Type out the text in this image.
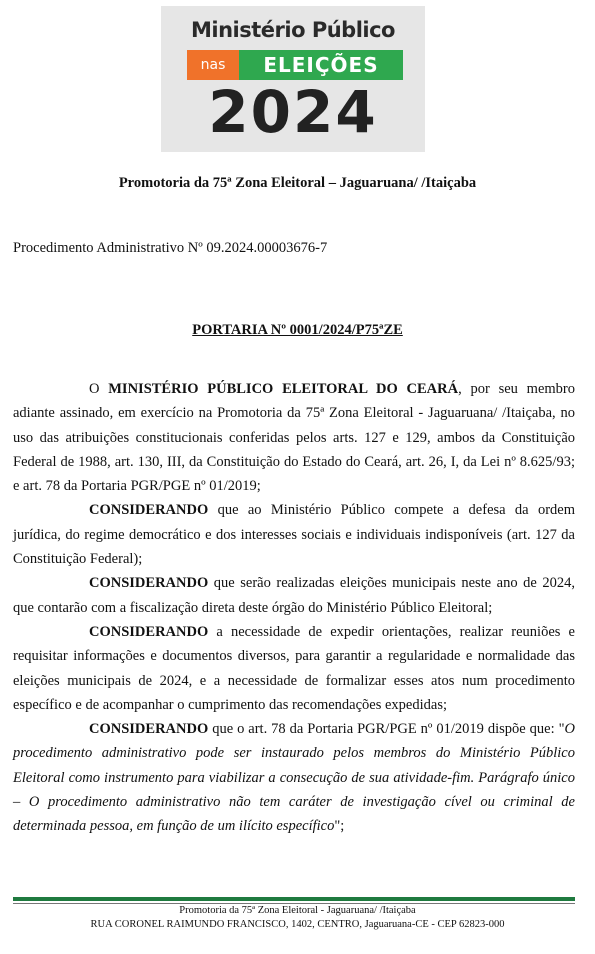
Ministério Público
nas	ELEIÇÕES
2024
Promotoria da 75ª Zona Eleitoral – Jaguaruana/ /Itaiçaba
Procedimento Administrativo Nº 09.2024.00003676-7
PORTARIA Nº 0001/2024/P75ªZE

O MINISTÉRIO PÚBLICO ELEITORAL DO CEARÁ, por seu membro adiante assinado, em exercício na Promotoria da 75ª Zona Eleitoral - Jaguaruana/ /Itaiçaba, no uso das atribuições constitucionais conferidas pelos arts. 127 e 129, ambos da Constituição Federal de 1988, art. 130, III, da Constituição do Estado do Ceará, art. 26, I, da Lei nº 8.625/93; e art. 78 da Portaria PGR/PGE nº 01/2019;

CONSIDERANDO que ao Ministério Público compete a defesa da ordem jurídica, do regime democrático e dos interesses sociais e individuais indisponíveis (art. 127 da Constituição Federal);

CONSIDERANDO que serão realizadas eleições municipais neste ano de 2024, que contarão com a fiscalização direta deste órgão do Ministério Público Eleitoral;

CONSIDERANDO a necessidade de expedir orientações, realizar reuniões e requisitar informações e documentos diversos, para garantir a regularidade e normalidade das eleições municipais de 2024, e a necessidade de formalizar esses atos num procedimento específico e de acompanhar o cumprimento das recomendações expedidas;

CONSIDERANDO que o art. 78 da Portaria PGR/PGE nº 01/2019 dispõe que: "O procedimento administrativo pode ser instaurado pelos membros do Ministério Público Eleitoral como instrumento para viabilizar a consecução de sua atividade-fim. Parágrafo único – O procedimento administrativo não tem caráter de investigação cível ou criminal de determinada pessoa, em função de um ilícito específico";

Promotoria da 75ª Zona Eleitoral - Jaguaruana/ /Itaiçaba
RUA CORONEL RAIMUNDO FRANCISCO, 1402, CENTRO, Jaguaruana-CE - CEP 62823-000
